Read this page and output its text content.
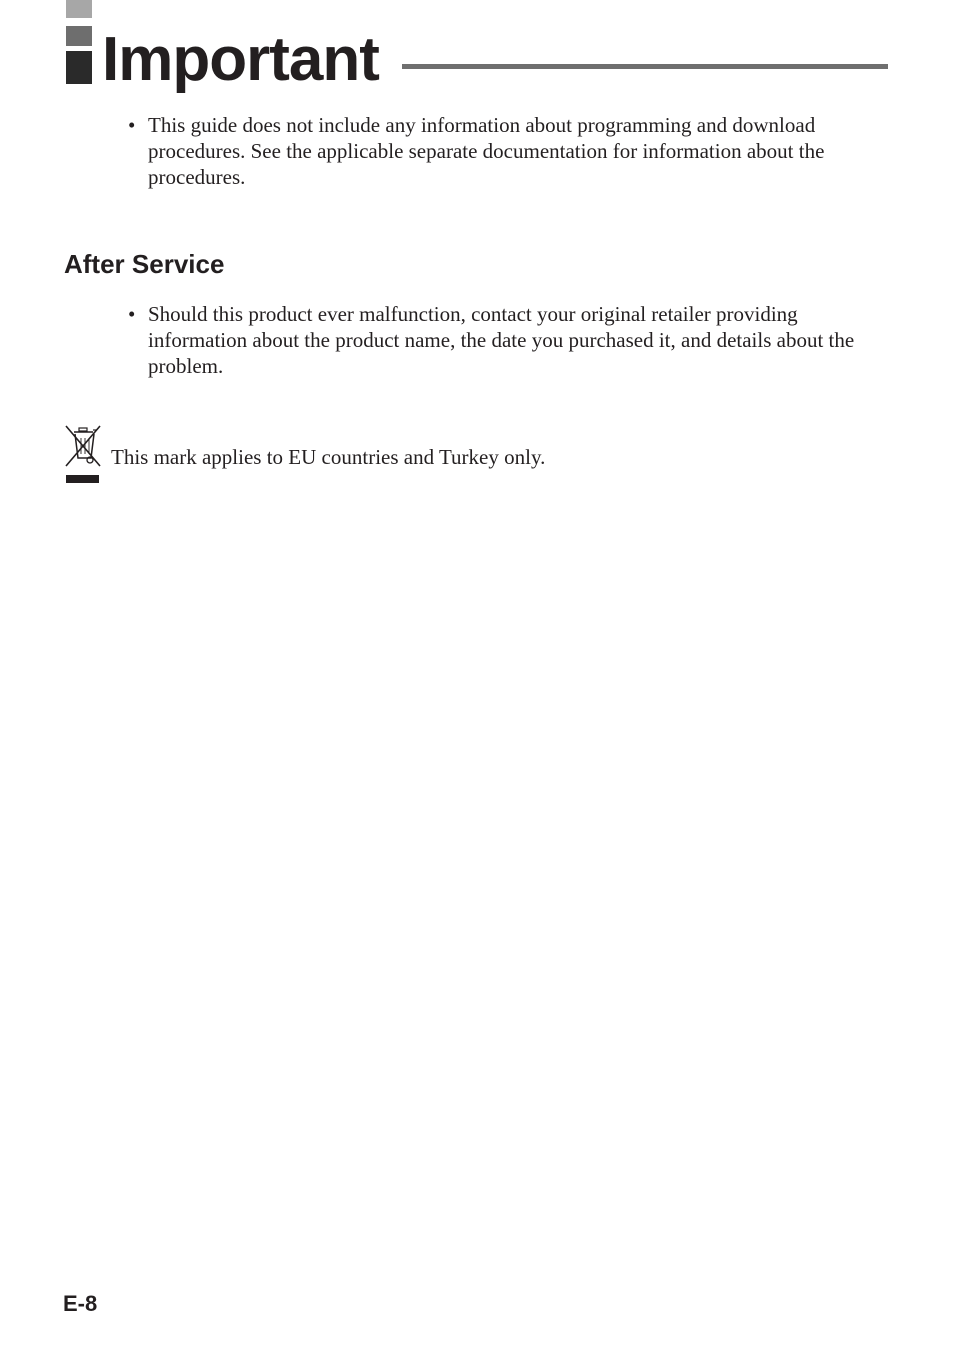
Important
• This guide does not include any information about programming and download procedures. See the applicable separate documentation for information about the procedures.
After Service
• Should this product ever malfunction, contact your original retailer providing information about the product name, the date you purchased it, and details about the problem.
This mark applies to EU countries and Turkey only.
E-8
